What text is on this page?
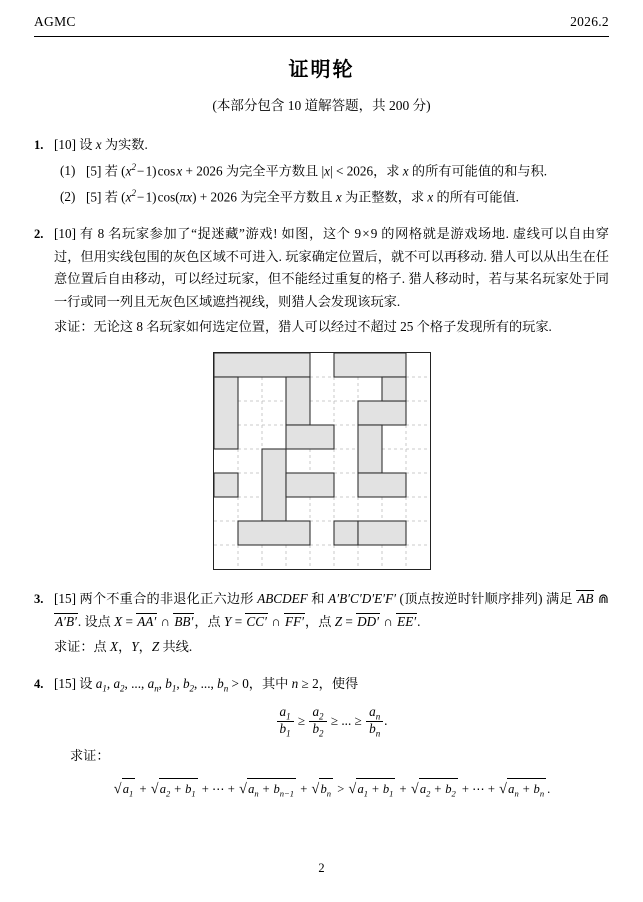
AGMC	2026.2
证明轮
(本部分包含 10 道解答题，共 200 分)
1. [10] 设 x 为实数.
(1) [5] 若 ($x^2$ − 1) cos x + 2026 为完全平方数且 |x| < 2026，求 x 的所有可能值的和与积.
(2) [5] 若 ($x^2$ − 1) cos(πx) + 2026 为完全平方数且 x 为正整数，求 x 的所有可能值.
2. [10] 有 8 名玩家参加了“捉迷藏”游戏! 如图，这个 9 × 9 的网格就是游戏场地. 虚线可以自由穿过，但用实线包围的灰色区域不可进入. 玩家确定位置后，就不可以再移动. 猎人可以从出生在任意位置后自由移动，可以经过玩家，但不能经过重复的格子. 猎人移动时，若与某名玩家处于同一行或同一列且无灰色区域遮挡视线，则猎人会发现该玩家.
求证：无论这 8 名玩家如何选定位置，猎人可以经过不超过 25 个格子发现所有的玩家.
3. [15] 两个不重合的非退化正六边形 ABCDEF 和 A′B′C′D′E′F′ (顶点按逆时针顺序排列) 满足 AB ⋒ A′B′. 设点 X = AA′ ∩ BB′，点 Y = CC′ ∩ FF′，点 Z = DD′ ∩ EE′.
求证：点 X，Y，Z 共线.
4. [15] 设 $a_1$, $a_2$, ..., $a_n$, $b_1$, $b_2$, ..., $b_n > 0$，其中 n ≥ 2，使得
$\frac{a_1}{b_1} \ge \frac{a_2}{b_2}$ ≥ ... ≥ $\frac{a_n}{b_n}$ .
求证：
√ $a_1$ + √ $a_2 + b_1$ + ⋯ + √ $a_n + b_{n-1}$ + √ $b_n$ > √ $a_1 + b_1$ + √ $a_2 + b_2$ + ⋯ + √ $a_n + b_n$ .
2
